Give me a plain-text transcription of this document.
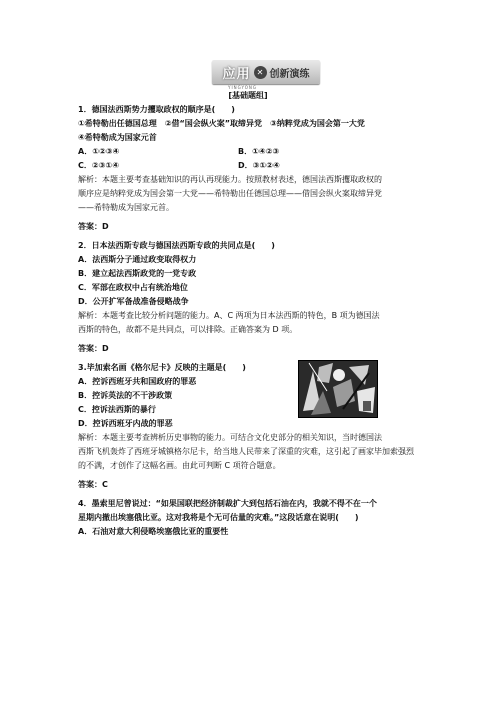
应用 ✕ 创新演练
YINGYONG
[基础题组]
1．德国法西斯势力攫取政权的顺序是(　　)
①希特勒出任德国总理　②借“国会纵火案”取缔异党　③纳粹党成为国会第一大党
④希特勒成为国家元首
A．①②③④	B．①④②③
C．②③①④	D．③①②④
解析：本题主要考查基础知识的再认再现能力。按照教材表述，德国法西斯攫取政权的
顺序应是纳粹党成为国会第一大党——希特勒出任德国总理——借国会纵火案取缔异党
——希特勒成为国家元首。
答案：D
2．日本法西斯专政与德国法西斯专政的共同点是(　　)
A．法西斯分子通过政变取得权力
B．建立起法西斯政党的一党专政
C．军部在政权中占有统治地位
D．公开扩军备战准备侵略战争
解析：本题考查比较分析问题的能力。A、C 两项为日本法西斯的特色，B 项为德国法
西斯的特色，故都不是共同点，可以排除。正确答案为 D 项。
答案：D
3.毕加索名画《格尔尼卡》反映的主题是(　　)
A．控诉西班牙共和国政府的罪恶
B．控诉英法的不干涉政策
C．控诉法西斯的暴行
D．控诉西班牙内战的罪恶
解析：本题主要考查辨析历史事物的能力。可结合文化史部分的相关知识，当时德国法
西斯飞机轰炸了西班牙城镇格尔尼卡，给当地人民带来了深重的灾难，这引起了画家毕加索强烈
的不满，才创作了这幅名画。由此可判断 C 项符合题意。
答案：C
4．墨索里尼曾说过：“如果国联把经济制裁扩大到包括石油在内，我就不得不在一个
星期内撤出埃塞俄比亚。这对我将是个无可估量的灾难。”这段话意在说明(　　)
A．石油对意大利侵略埃塞俄比亚的重要性
